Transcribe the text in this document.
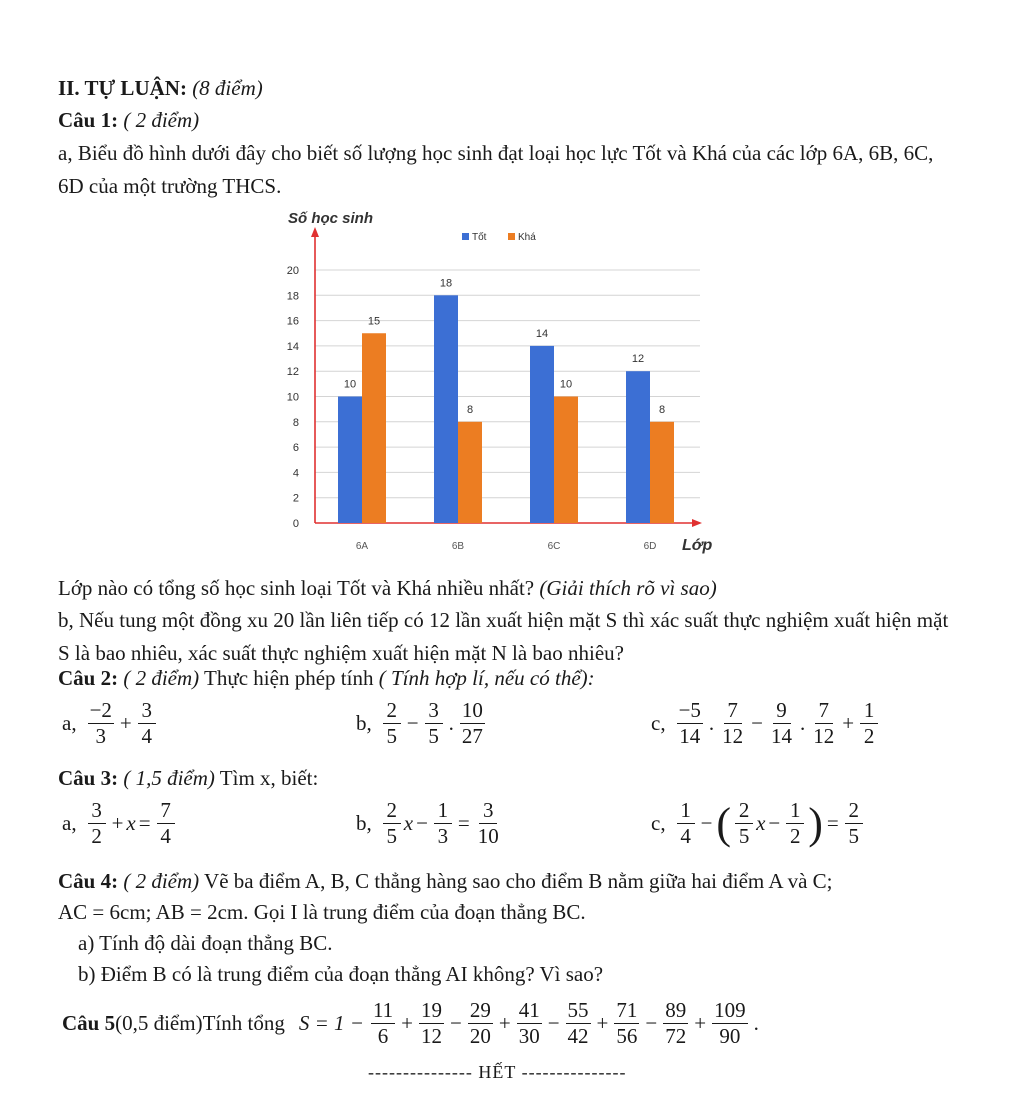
II. TỰ LUẬN: (8 điểm)
Câu 1: ( 2 điểm)
a, Biểu đồ hình dưới đây cho biết số lượng học sinh đạt loại học lực Tốt và Khá của các lớp 6A, 6B, 6C, 6D của một trường THCS.
Số học sinh
0
2
4
6
8
10
12
14
16
18
20
Lớp
Tốt	Khá
10
15
6A
18
8
6B
14
10
6C
12
8
6D
Lớp nào có tổng số học sinh loại Tốt và Khá nhiều nhất? (Giải thích rõ vì sao)
b, Nếu tung một đồng xu 20 lần liên tiếp có 12 lần xuất hiện mặt S thì xác suất thực nghiệm xuất hiện mặt S là bao nhiêu, xác suất thực nghiệm xuất hiện mặt N là bao nhiêu?
Câu 2: ( 2 điểm) Thực hiện phép tính ( Tính hợp lí, nếu có thể):
a, $\frac{-2}{3} + \frac{3}{4}$	b, $\frac{2}{5} - \frac{3}{5}$ . $\frac{10}{27}$	c, $\frac{-5}{14}$ . $\frac{7}{12} - \frac{9}{14}$ . $\frac{7}{12} + \frac{1}{2}$
Câu 3: ( 1,5 điểm) Tìm x, biết:
a, $\frac{3}{2} + x = \frac{7}{4}$	b, $\frac{2}{5}$ $x - \frac{1}{3} = \frac{3}{10}$	c, $\frac{1}{4}$ − ( $\frac{2}{5}$ $x - \frac{1}{2}$ ) = $\frac{2}{5}$
Câu 4: ( 2 điểm) Vẽ ba điểm A, B, C thẳng hàng sao cho điểm B nằm giữa hai điểm A và C;
AC = 6cm; AB = 2cm. Gọi I là trung điểm của đoạn thẳng BC.
a) Tính độ dài đoạn thẳng BC.
b) Điểm B có là trung điểm của đoạn thẳng AI không? Vì sao?
Câu 5 (0,5 điểm)Tính tổng $S = 1 - \frac{11}{6} + \frac{19}{12} - \frac{29}{20} + \frac{41}{30} - \frac{55}{42} + \frac{71}{56} - \frac{89}{72} + \frac{109}{90}$ .
--------------- HẾT ---------------
